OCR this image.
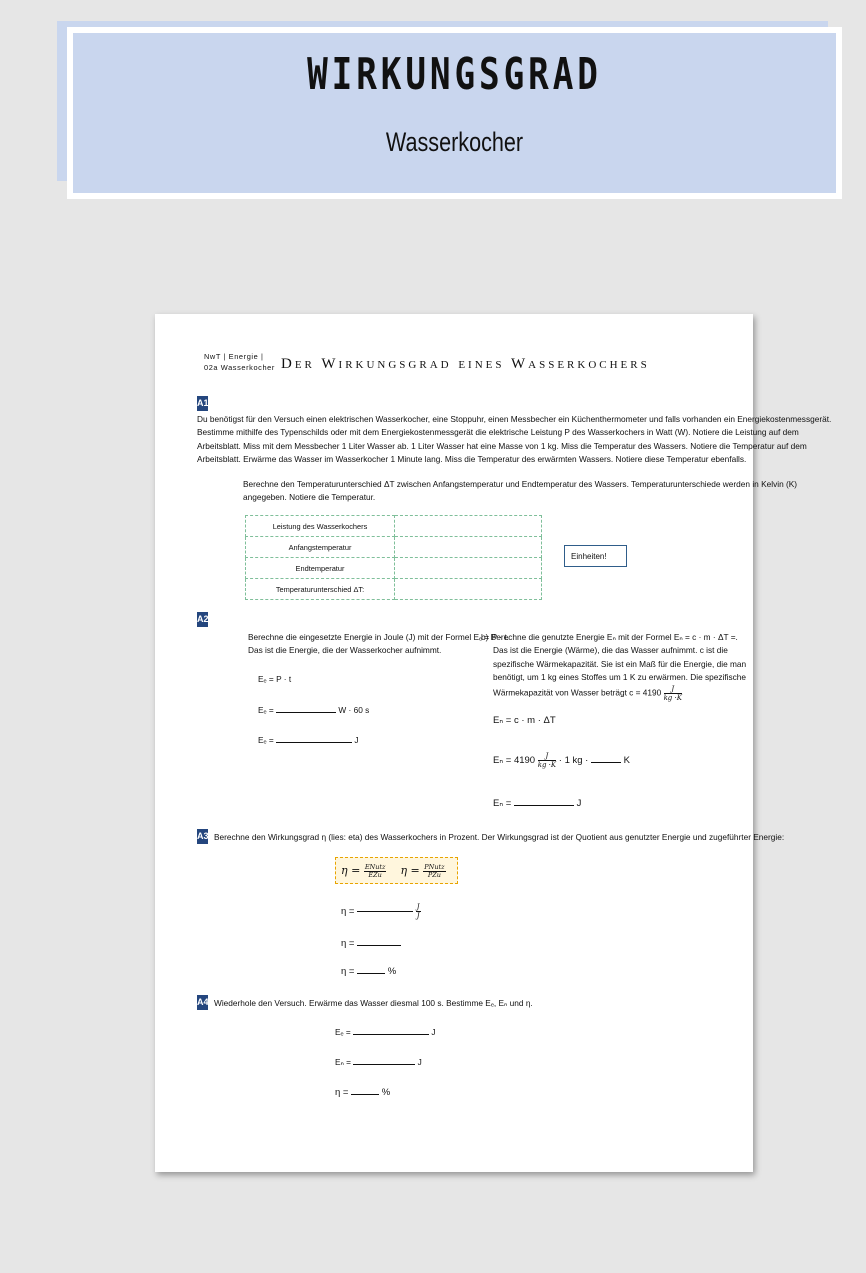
WIRKUNGSGRAD
Wasserkocher
NwT | Energie |
02a Wasserkocher Der Wirkungsgrad eines Wasserkochers
A1
Du benötigst für den Versuch einen elektrischen Wasserkocher, eine Stoppuhr, einen Messbecher ein Küchenthermometer und falls vorhanden ein Energiekostenmessgerät.
Bestimme mithilfe des Typenschilds oder mit dem Energiekostenmessgerät die elektrische Leistung P des Wasserkochers in Watt (W). Notiere die Leistung auf dem
Arbeitsblatt. Miss mit dem Messbecher 1 Liter Wasser ab. 1 Liter Wasser hat eine Masse von 1 kg. Miss die Temperatur des Wassers. Notiere die Temperatur auf dem
Arbeitsblatt. Erwärme das Wasser im Wasserkocher 1 Minute lang. Miss die Temperatur des erwärmten Wassers. Notiere diese Temperatur ebenfalls.
Berechne den Temperaturunterschied ΔT zwischen Anfangstemperatur und Endtemperatur des Wassers. Temperaturunterschiede werden in Kelvin (K)
angegeben. Notiere die Temperatur.
Leistung des Wasserkochers	
Anfangstemperatur	
Endtemperatur	
Temperaturunterschied ΔT:	
Einheiten!
A2
Berechne die eingesetzte Energie in Joule (J) mit der Formel Eₑ = P · t.
Das ist die Energie, die der Wasserkocher aufnimmt.
Eₑ = P · t
Eₑ =	W · 60 s
Eₑ =	J
b) Berechne die genutzte Energie Eₙ mit der Formel Eₙ = c · m · ΔT =.
Das ist die Energie (Wärme), die das Wasser aufnimmt. c ist die
spezifische Wärmekapazität. Sie ist ein Maß für die Energie, die man
benötigt, um 1 kg eines Stoffes um 1 K zu erwärmen. Die spezifische
Wärmekapazität von Wasser beträgt $c = 4190 \frac{J}{kg \cdot K}$
Eₙ = c · m · ΔT
$E_n = 4190 \frac{J}{kg \cdot K} \cdot 1$ kg ·	K
Eₙ =	J
A3 Berechne den Wirkungsgrad η (lies: eta) des Wasserkochers in Prozent. Der Wirkungsgrad ist der Quotient aus genutzter Energie und zugeführter Energie:
$\eta = \frac{\text{ENutz}}{\text{EZu}}$ $\eta = \frac{\text{PNutz}}{\text{PZu}}$
η =	$\frac{J}{J}$
η =
η =	%
A4 Wiederhole den Versuch. Erwärme das Wasser diesmal 100 s. Bestimme Eₑ, Eₙ und η.
Eₑ =	J
Eₙ =	J
η =	%
